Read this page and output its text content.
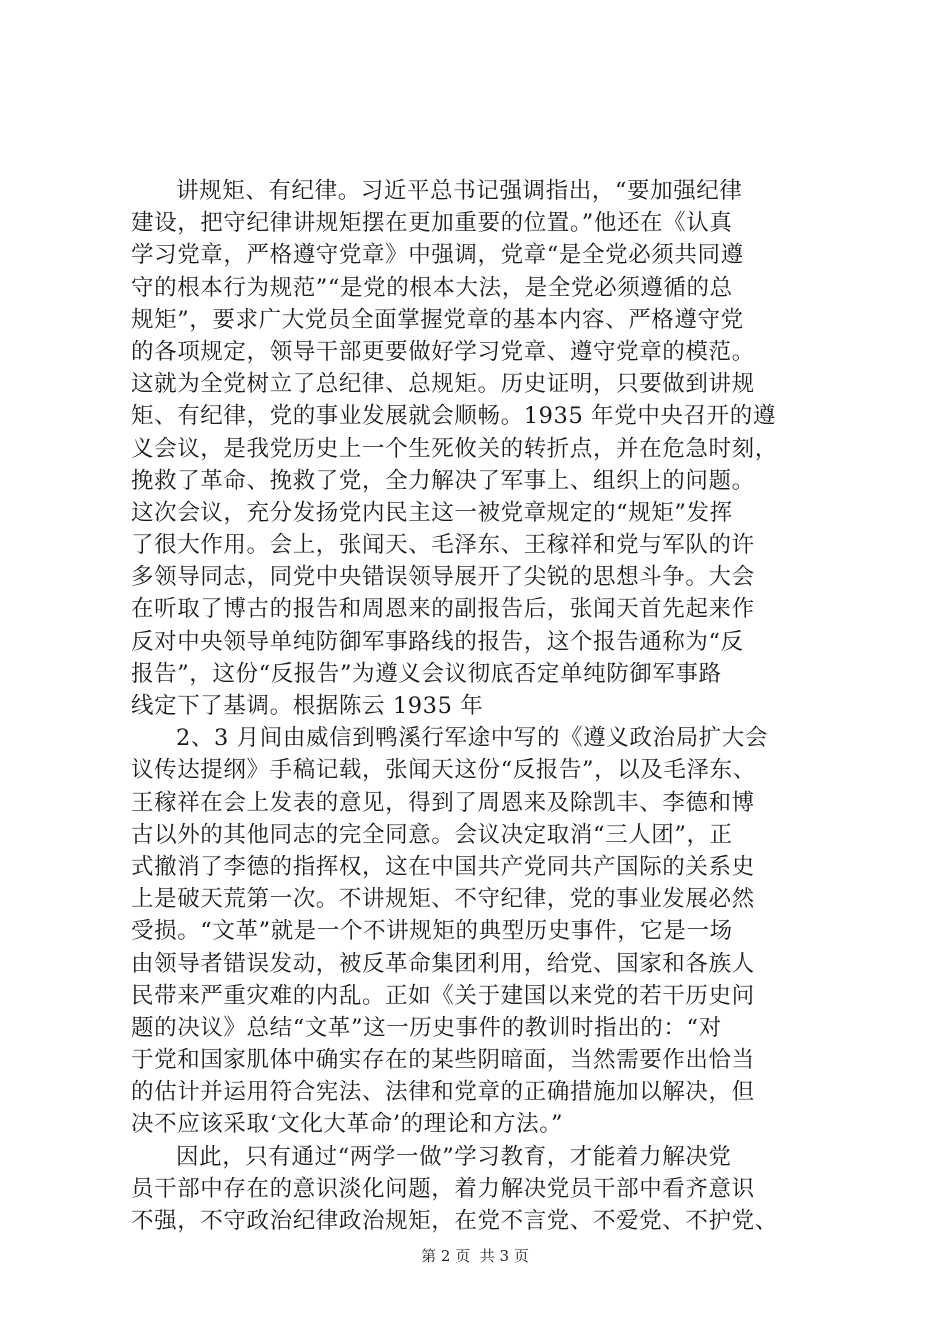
讲规矩、有纪律。习近平总书记强调指出，“要加强纪律
建设，把守纪律讲规矩摆在更加重要的位置。”他还在《认真
学习党章，严格遵守党章》中强调，党章“是全党必须共同遵
守的根本行为规范”“是党的根本大法，是全党必须遵循的总
规矩”，要求广大党员全面掌握党章的基本内容、严格遵守党
的各项规定，领导干部更要做好学习党章、遵守党章的模范。
这就为全党树立了总纪律、总规矩。历史证明，只要做到讲规
矩、有纪律，党的事业发展就会顺畅。1935 年党中央召开的遵
义会议，是我党历史上一个生死攸关的转折点，并在危急时刻，
挽救了革命、挽救了党，全力解决了军事上、组织上的问题。
这次会议，充分发扬党内民主这一被党章规定的“规矩”发挥
了很大作用。会上，张闻天、毛泽东、王稼祥和党与军队的许
多领导同志，同党中央错误领导展开了尖锐的思想斗争。大会
在听取了博古的报告和周恩来的副报告后，张闻天首先起来作
反对中央领导单纯防御军事路线的报告，这个报告通称为“反
报告”，这份“反报告”为遵义会议彻底否定单纯防御军事路
线定下了基调。根据陈云 1935 年
2、3 月间由威信到鸭溪行军途中写的《遵义政治局扩大会
议传达提纲》手稿记载，张闻天这份“反报告”，以及毛泽东、
王稼祥在会上发表的意见，得到了周恩来及除凯丰、李德和博
古以外的其他同志的完全同意。会议决定取消“三人团”，正
式撤消了李德的指挥权，这在中国共产党同共产国际的关系史
上是破天荒第一次。不讲规矩、不守纪律，党的事业发展必然
受损。“文革”就是一个不讲规矩的典型历史事件，它是一场
由领导者错误发动，被反革命集团利用，给党、国家和各族人
民带来严重灾难的内乱。正如《关于建国以来党的若干历史问
题的决议》总结“文革”这一历史事件的教训时指出的：“对
于党和国家肌体中确实存在的某些阴暗面，当然需要作出恰当
的估计并运用符合宪法、法律和党章的正确措施加以解决，但
决不应该采取‘文化大革命’的理论和方法。”
因此，只有通过“两学一做”学习教育，才能着力解决党
员干部中存在的意识淡化问题，着力解决党员干部中看齐意识
不强，不守政治纪律政治规矩，在党不言党、不爱党、不护党、
第 2 页  共 3 页
